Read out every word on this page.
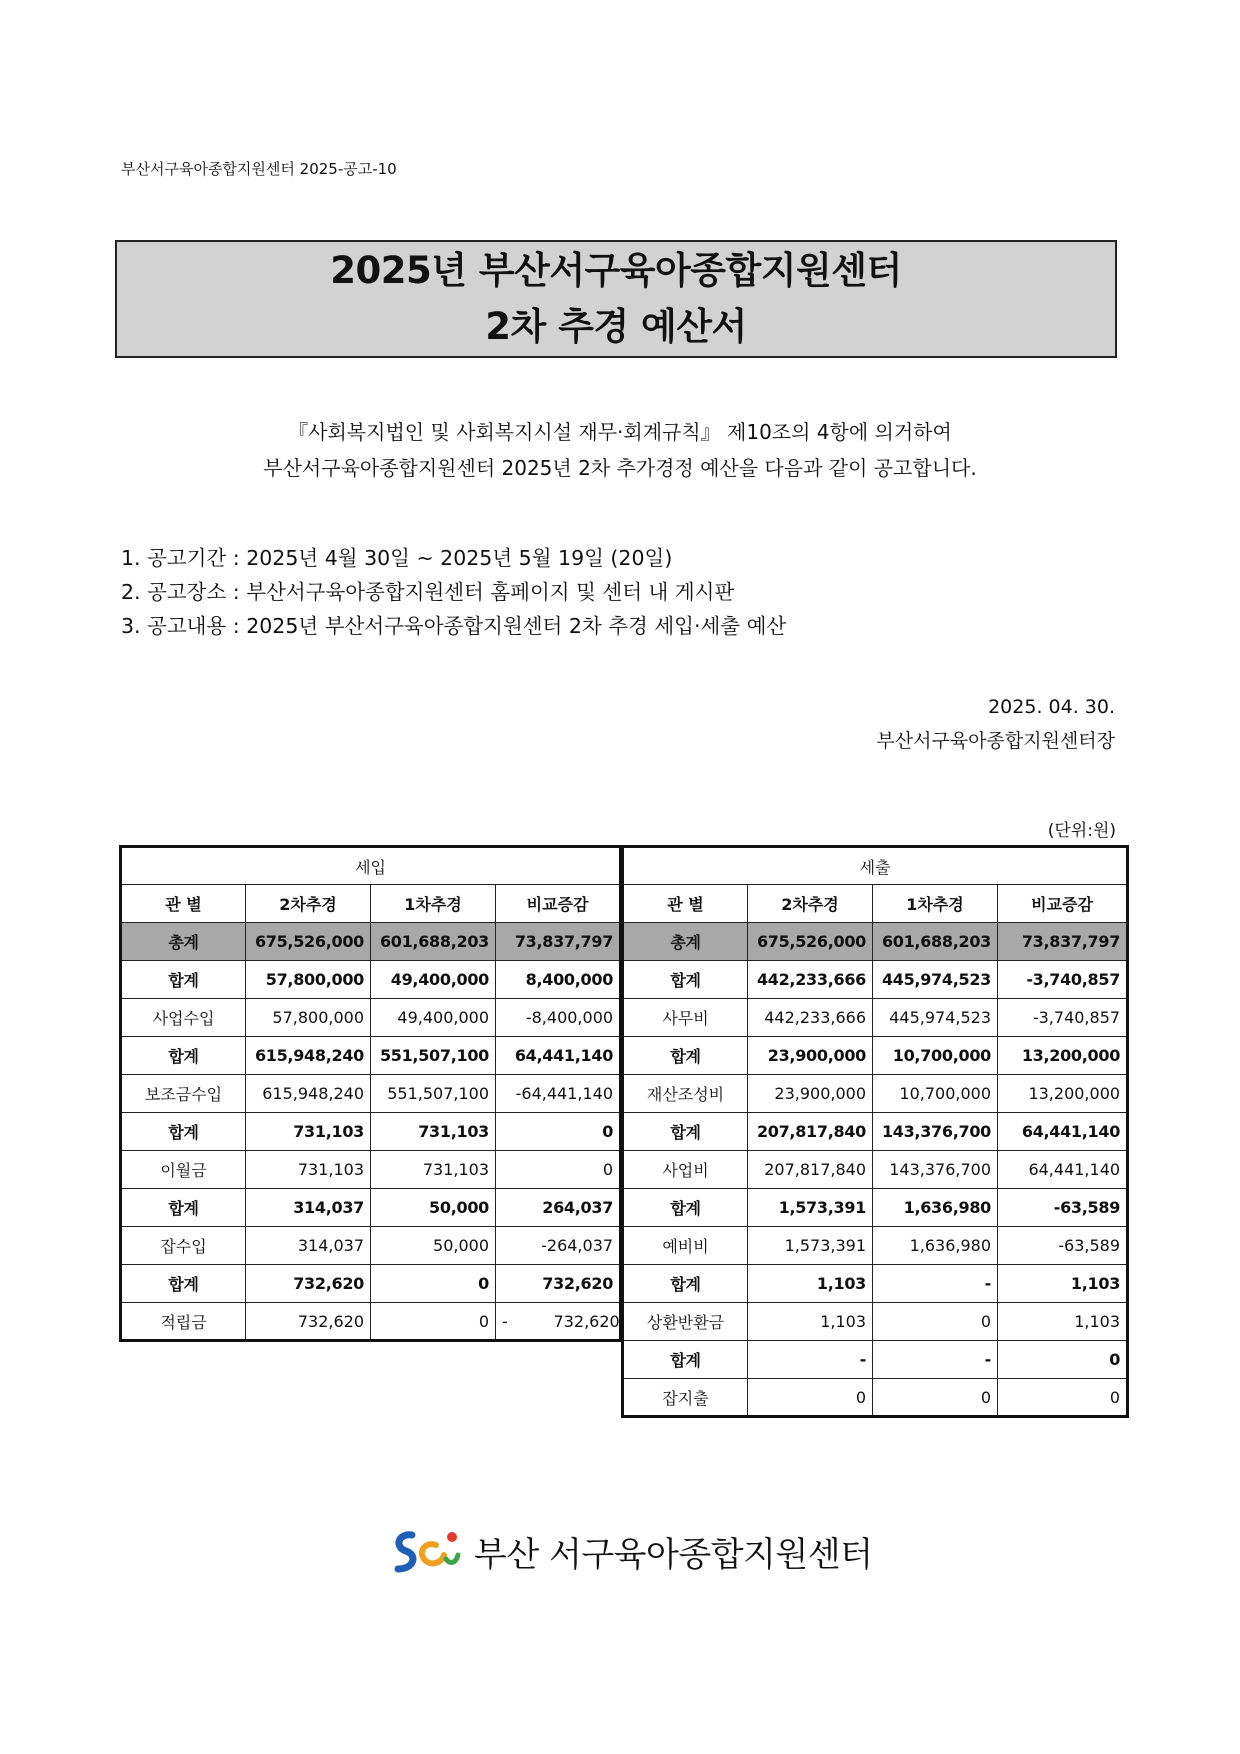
부산서구육아종합지원센터 2025-공고-10
2025년 부산서구육아종합지원센터
2차 추경 예산서
『사회복지법인 및 사회복지시설 재무·회계규칙』 제10조의 4항에 의거하여
부산서구육아종합지원센터 2025년 2차 추가경정 예산을 다음과 같이 공고합니다.
1. 공고기간 : 2025년 4월 30일 ~ 2025년 5월 19일 (20일)
2. 공고장소 : 부산서구육아종합지원센터 홈페이지 및 센터 내 게시판
3. 공고내용 : 2025년 부산서구육아종합지원센터 2차 추경 세입·세출 예산
2025. 04. 30.
부산서구육아종합지원센터장
(단위:원)
세입			
관 별	2차추경	1차추경	비교증감
총계	675,526,000	601,688,203	73,837,797
합계	57,800,000	49,400,000	8,400,000
사업수입	57,800,000	49,400,000	-8,400,000
합계	615,948,240	551,507,100	64,441,140
보조금수입	615,948,240	551,507,100	-64,441,140
합계	731,103	731,103	0
이월금	731,103	731,103	0
합계	314,037	50,000	264,037
잡수입	314,037	50,000	-264,037
합계	732,620	0	732,620
적립금	732,620	0	-         732,620
세출			
관 별	2차추경	1차추경	비교증감
총계	675,526,000	601,688,203	73,837,797
합계	442,233,666	445,974,523	-3,740,857
사무비	442,233,666	445,974,523	-3,740,857
합계	23,900,000	10,700,000	13,200,000
재산조성비	23,900,000	10,700,000	13,200,000
합계	207,817,840	143,376,700	64,441,140
사업비	207,817,840	143,376,700	64,441,140
합계	1,573,391	1,636,980	-63,589
예비비	1,573,391	1,636,980	-63,589
합계	1,103	-	1,103
상환반환금	1,103	0	1,103
합계	-	-	0
잡지출	0	0	0
부산 서구육아종합지원센터
